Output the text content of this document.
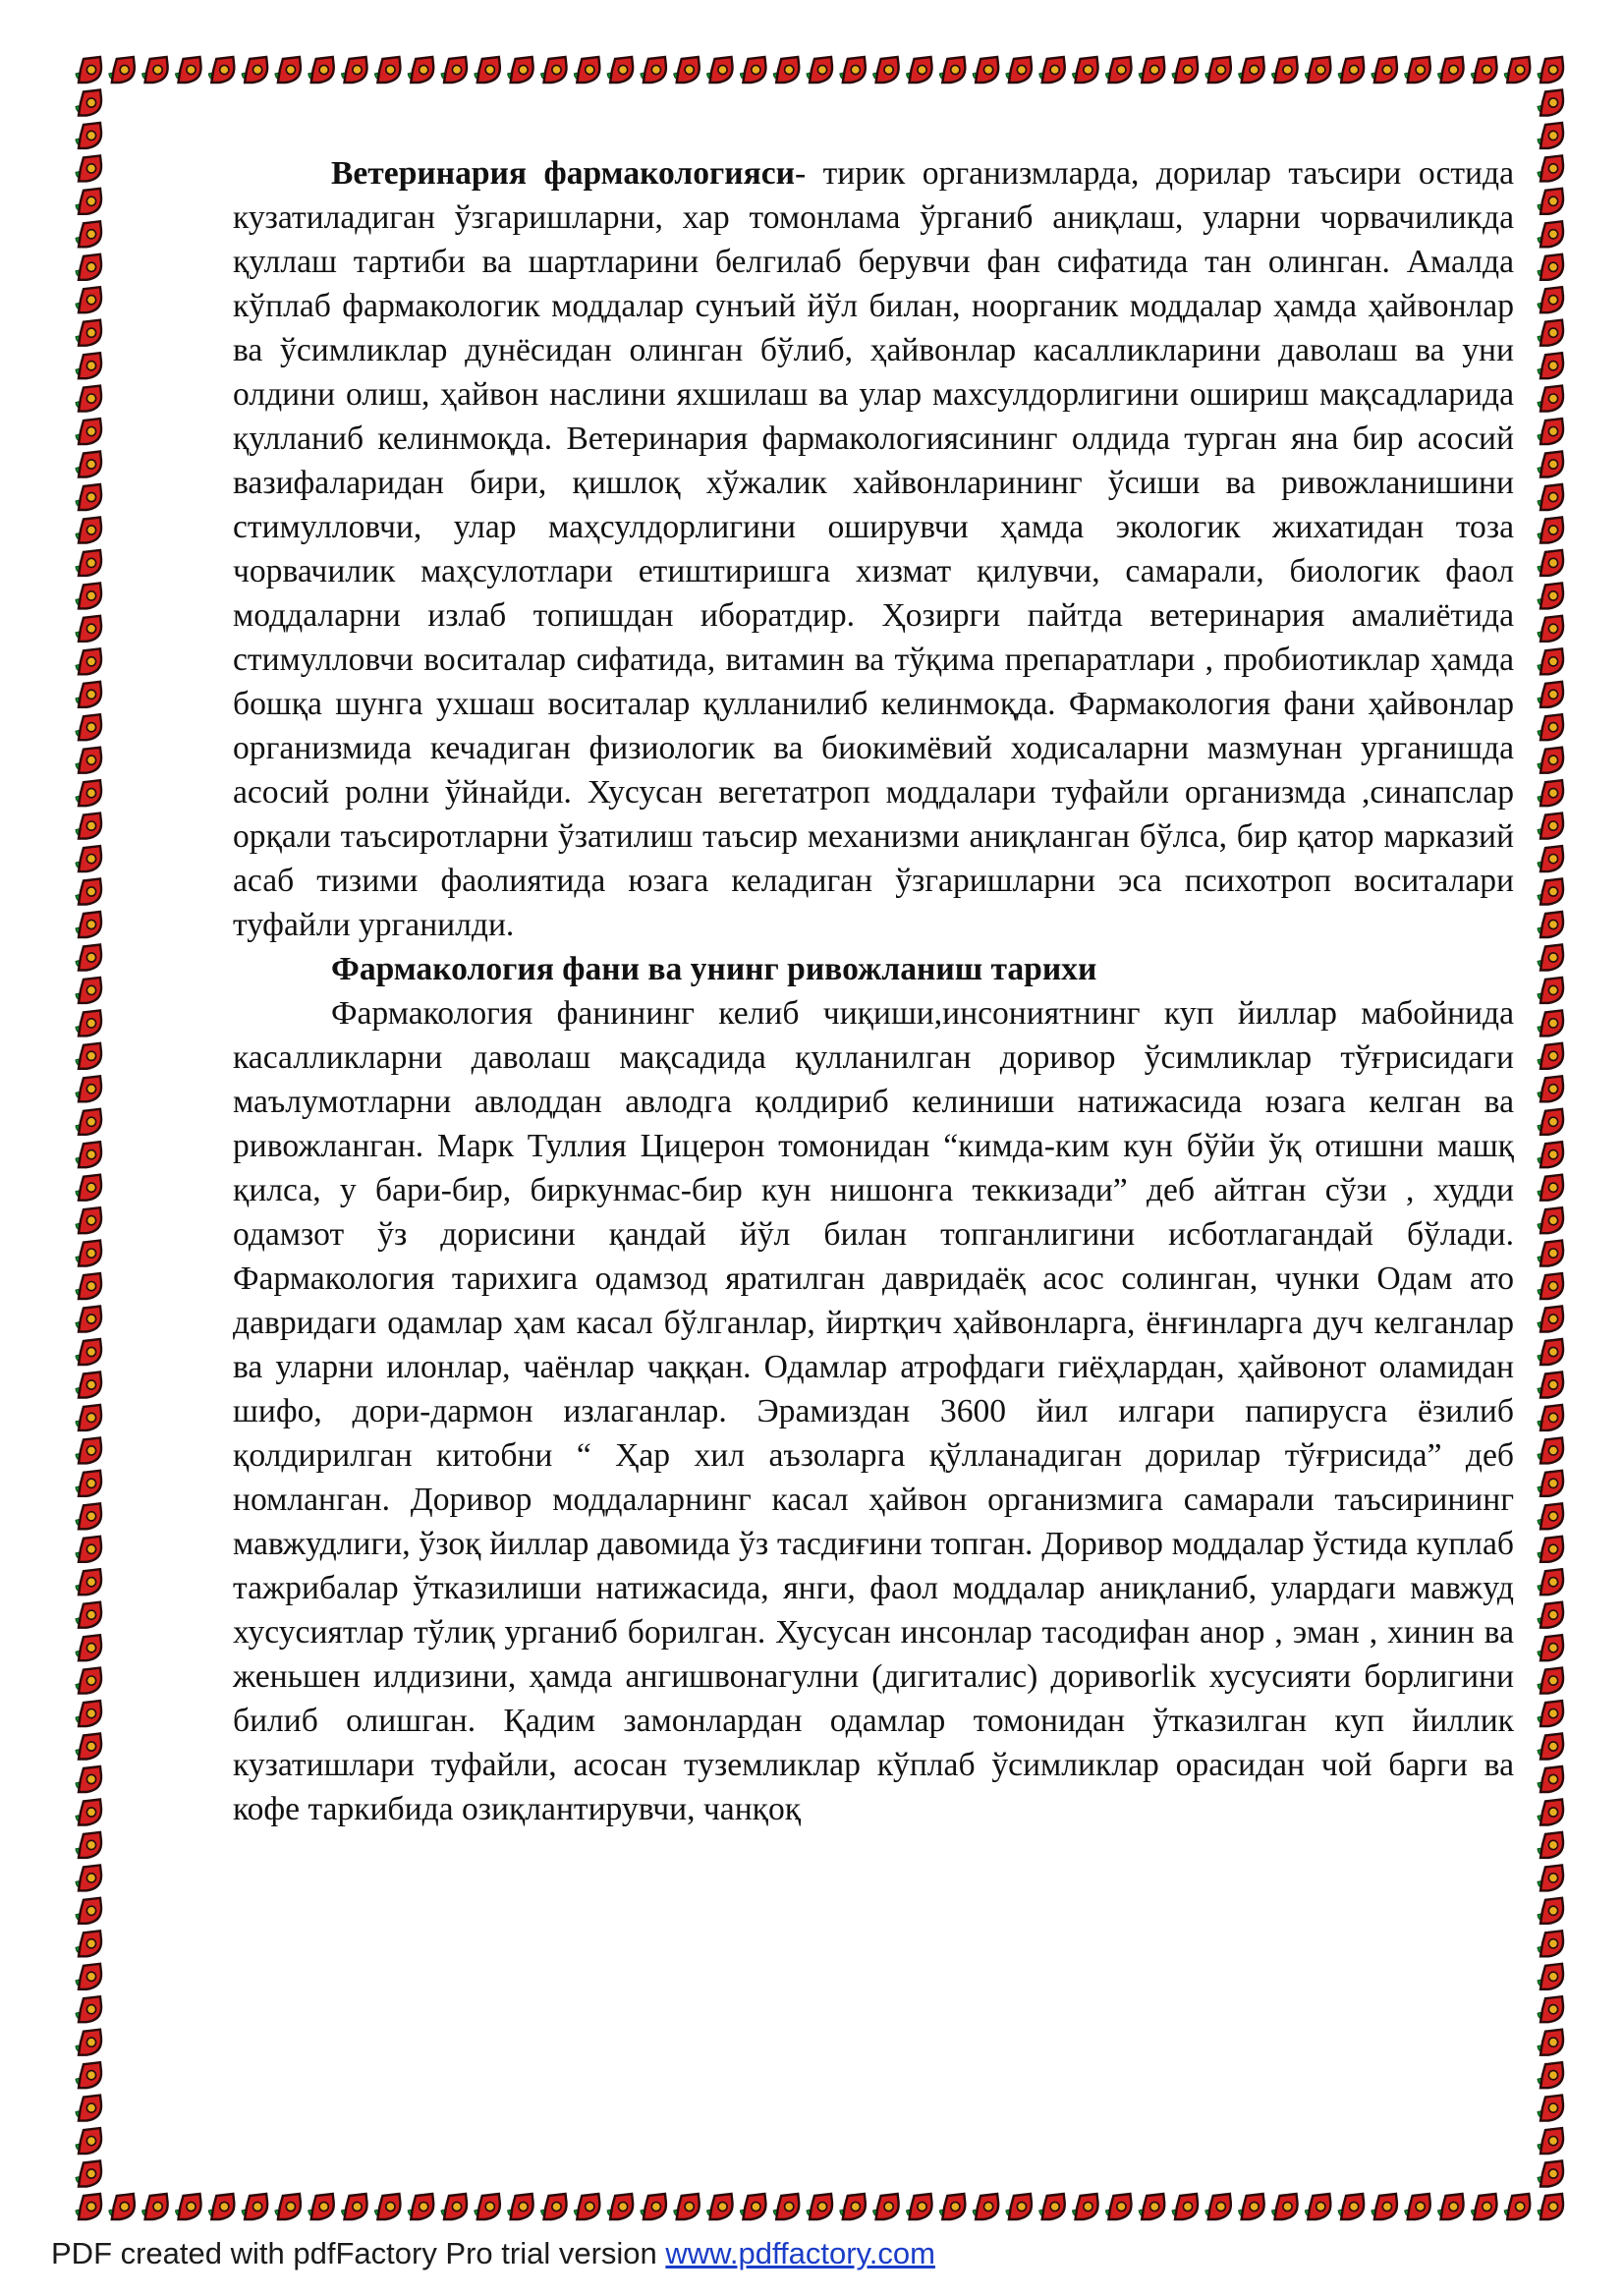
Ветеринария фармакологияси- тирик организмларда, дорилар таъсири остида кузатиладиган ўзгаришларни, хар томонлама ўрганиб аниқлаш, уларни чорвачиликда қуллаш тартиби ва шартларини белгилаб берувчи фан сифатида тан олинган. Амалда кўплаб фармакологик моддалар сунъий йўл билан, ноорганик моддалар ҳамда ҳайвонлар ва ўсимликлар дунёсидан олинган бўлиб, ҳайвонлар касалликларини даволаш ва уни олдини олиш, ҳайвон наслини яхшилаш ва улар махсулдорлигини ошириш мақсадларида қулланиб келинмоқда. Ветеринария фармакологиясининг олдида турган яна бир асосий вазифаларидан бири, қишлоқ хўжалик хайвонларининг ўсиши ва ривожланишини стимулловчи, улар маҳсулдорлигини оширувчи ҳамда экологик жихатидан тоза чорвачилик маҳсулотлари етиштиришга хизмат қилувчи, самарали, биологик фаол моддаларни излаб топишдан иборатдир. Ҳозирги пайтда ветеринария амалиётида стимулловчи воситалар сифатида, витамин ва тўқима препаратлари , пробиотиклар ҳамда бошқа шунга ухшаш воситалар қулланилиб келинмоқда. Фармакология фани ҳайвонлар организмида кечадиган физиологик ва биокимёвий ходисаларни мазмунан урганишда асосий ролни ўйнайди. Хусусан вегетатроп моддалари туфайли организмда ,синапслар орқали таъсиротларни ўзатилиш таъсир механизми аниқланган бўлса, бир қатор марказий асаб тизими фаолиятида юзага келадиган ўзгаришларни эса психотроп воситалари туфайли урганилди.

Фармакология фани ва унинг ривожланиш тарихи

Фармакология фанининг келиб чиқиши,инсониятнинг куп йиллар мабойнида касалликларни даволаш мақсадида қулланилган доривор ўсимликлар тўғрисидаги маълумотларни авлоддан авлодга қолдириб келиниши натижасида юзага келган ва ривожланган. Марк Туллия Цицерон томонидан “кимда-ким кун бўйи ўқ отишни машқ қилса, у бари-бир, биркунмас-бир кун нишонга теккизади” деб айтган сўзи , худди одамзот ўз дорисини қандай йўл билан топганлигини исботлагандай бўлади. Фармакология тарихига одамзод яратилган давридаёқ асос солинган, чунки Одам ато давридаги одамлар ҳам касал бўлганлар, йиртқич ҳайвонларга, ёнғинларга дуч келганлар ва уларни илонлар, чаёнлар чаққан. Одамлар атрофдаги гиёҳлардан, ҳайвонот оламидан шифо, дори-дармон излаганлар. Эрамиздан 3600 йил илгари папирусга ёзилиб қолдирилган китобни “ Ҳар хил аъзоларга қўлланадиган дорилар тўғрисида” деб номланган. Доривор моддаларнинг касал ҳайвон организмига самарали таъсирининг мавжудлиги, ўзоқ йиллар давомида ўз тасдиғини топган. Доривор моддалар ўстида куплаб тажрибалар ўтказилиши натижасида, янги, фаол моддалар аниқланиб, улардаги мавжуд хусусиятлар тўлиқ урганиб борилган. Хусусан инсонлар тасодифан анор , эман , хинин ва женьшен илдизини, ҳамда ангишвонагулни (дигиталис) доривorlik хусусияти борлигини билиб олишган. Қадим замонлардан одамлар томонидан ўтказилган куп йиллик кузатишлари туфайли, асосан туземликлар кўплаб ўсимликлар орасидан чой барги ва кофе таркибида озиқлантирувчи, чанқоқ

PDF created with pdfFactory Pro trial version www.pdffactory.com
